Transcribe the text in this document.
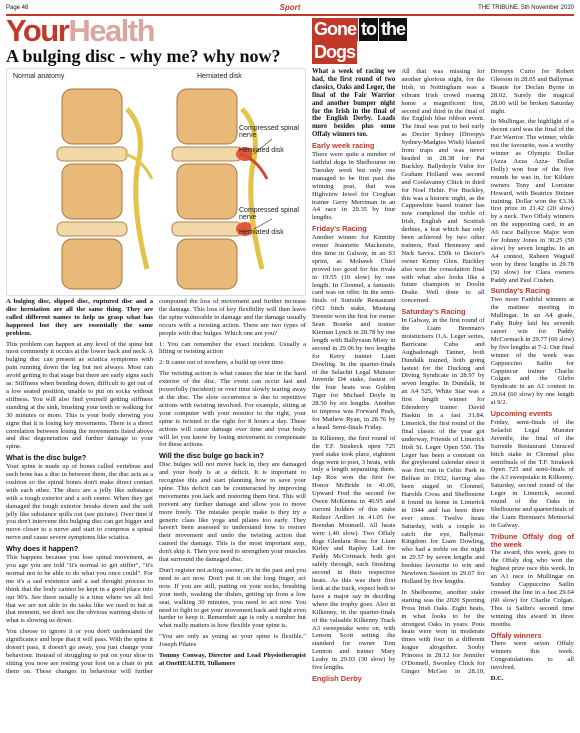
Page 48	Sport	THE TRIBUNE, 5th November 2020
YourHealth
A bulging disc - why me? why now?
Normal anatomy	Herniated disk
Compressed spinal nerve
Herniated disk
Compressed spinal nerve
Herniated disk

A bulging disc, slipped disc, ruptured disc and a disc herniation are all the same thing. They are called different names to help us grasp what has happened but they are essentially the same problem.

This problem can happen at any level of the spine but most commonly it occurs at the lower back and neck. A bulging disc can present as sciatica symptoms with pain running down the leg but not always. Most can avoid getting to that stage but there are early signs such as: Stiffness when bending down, difficult to get out of a low seated position, unable to put on socks without stiffness. You will also find yourself getting stiffness standing at the sink, brushing your teeth or walking for 30 minutes or more. This is your body showing you signs that it is losing key movements. There is a direct correlation between losing the movements listed above and disc degeneration and further damage to your spine.

What is the disc bulge?

Your spine is made up of bones called vertebrae and each bone has a disc in between them, the disc acts as a cushion so the spinal bones don't make direct contact with each other. The discs are a jelly like substance with a tough exterior and a soft centre. When they get damaged the tough exterior breaks down and the soft jelly like substance spills out (see picture). Over time if you don't intervene this bulging disc can get bigger and move closer to a nerve and start to compress a spinal nerve and cause severe symptoms like sciatica.

Why does it happen?

This happens because you lose spinal movement, as you age you are told "it's normal to get stiffer", "it's normal not to be able to do what you once could". For me it's a sad existence and a sad thought process to think that the body cannot be kept in a good place into our 90's. See there usually is a time where we all feel that we are not able to do tasks like we used to but at that moment, we don't see the obvious warning shots of what is slowing us down.

You choose to ignore it or you don't understand the significance and hope that it will pass. With the spine it doesn't pass, it doesn't go away, you just change your behaviour. Instead of struggling to put on your shoe in sitting you now are resting your foot on a chair to put them on. These changes in behaviour will further compound the loss of movement and further increase the damage. This loss of key flexibility will then leave the spine vulnerable to damage and the damage usually occurs with a twisting action. There are two types of people with disc bulges. Which one are you?

1: You can remember the exact incident. Usually a lifting or twisting action

2: It came out of nowhere, a build up over time.

The twisting action is what causes the tear in the hard exterior of the disc. The event can occur fast and powerfully (incident) or over time slowly tearing away at the disc. The slow occurrence is due to repetitive actions with twisting involved. For example, sitting at your computer with your monitor to the right, your spine is twisted to the right for 8 hours a day. These actions will cause damage over time and your body will let you know by losing movement to compensate for these actions.

Will the disc bulge go back in?

Disc bulges will not move back in, they are damaged and your body is at a deficit. It is important to recognise this and start planning how to save your spine. This deficit can be counteracted by improving movements you lack and restoring them first. This will prevent any further damage and allow you to move more freely. The mistake people make is they try a generic class like yoga and pilates too early. They haven't been assessed to understand how to restore their movement and undo the twisting action that caused the damage. This is the most important step, don't skip it. Then you need to strengthen your muscles that surround the damaged disc.

Don't register not acting sooner, it's in the past and you need to act now. Don't put it on the long finger, act now. If you are still, putting on your socks, brushing your teeth, washing the dishes, getting up from a low seat, walking 30 minutes, you need to act now. You need to fight to get your movement back and fight even harder to keep it. Remember age is only a number but what really matters is how flexible your spine is.

"You are only as young as your spine is flexible." Joseph Pilates

Tommy Conway, Director and Lead Physiotherapist at OneHEALTH, Tullamore

Gone to theDogs

What a week of racing we had, the first round of two classics, Oaks and Leger, the final of the Fair Warrior and another bumper night for the Irish in the final of the English Derby. Loads more besides plus some Offaly winners too.

Early week racing

There were quite a number of faithful dogs in Shelbourne on Tuesday week but only one managed to be first past the winning post, that was Highview Jewel for Croghan trainer Gerry Merriman in an A4 race in 29.35 by four lengths.

Friday's Racing

Another winner for Kinnitty owner Jeannette Mackenzie, this time in Galway, in an S3 sprint, as Mohawk Chief proved too good for his rivals in 19.55 (10 slow) by one length. In Clonmel, a fantastic card was on offer. In the semi-finals of Suirside Restaurant ON2 bitch stake, Mustang Sweetie won the first for owner Sean Bourke and trainer Kiernan Lynch in 28.78 by one length with Ballyvaun Misty in second in 29.06 by two lengths for Kerry trainer Liam Dowling. In the quarter-finals of the Selachii Legal Munster Juvenile D4 stake, fastest of the four heats was Golden Tiger for Michael Doyle in 28.50 by six lengths. Another to impress was Forward Push, for Mathew Ryan, in 28.76 by a head. Semi-finals Friday.

In Kilkenny, the first round of the T.F. Strakeck open 725 yard stake took place, eighteen dogs went to post, 3 heats, with only a length separating them. Jap Rox won the first for Honor McBride in 41.00, Upward Fred the second for Owen McKenna in 40.95 and current holders of this stake Redzer Ardfert in 41.05 for Brendan Mounsell. All heats were (.40 slow). Two Offaly dogs Glenlara Ross for Liam Kirley and Rapley Lad for Paddy McCormack both got safely through, each finishing second in their respective heats. As this was their first look at the track, expect both to have a major say in deciding where the trophy goes. Also in Kilkenny, in the quarter-finals of the valuable Kilkenny Track A3 sweepstake were on, with Lenson Scott setting the standard for owner Tom Lennon and trainer Mary Leahy in 29.03 (30 slow) by five lengths.

English Derby

All that was missing for another glorious night, for the Irish, in Nottingham was a vibrant Irish crowd roaring home a magnificent first, second and third in the final of the English blue ribbon event. The final was put to bed early as Decier Sydney (Droopys Sydney-Madgies Wish) blasted from traps and was never headed in 28.38 for Pat Buckley. Ballydoyle Vidor for Graham Holland was second and Coolavanny Chick in third for Noel Hehir. For Buckley, this was a historic night, as the Cappawhite based trainer has now completed the treble of Irish, English and Scottish derbies, a feat which has only been achieved by two other trainers, Paul Hennessy and Nick Savva. £50k to Decier's owner Kenny Glen. Buckley also won the consolation final with what also looks like a future champion in Doolin Drake. Well done to all concerned.

Saturday's Racing

In Galway, in the first round of the Liam Brennan's moisturisers O.A. Leger series, Barricane Cuba and Aughadonagh Tanner, both Dundalk trained, both going fastest for the Ducking and Diving Syndicate in 28.97 by seven lengths. In Dundalk, in an A4 525, White Star was a first length winner for Edenderry trainer David Haskin in a fast 31.84. Limerick, the first round of the final classic of the year got underway, Friends of Limerick Irish St. Leger Open 550. The Leger has been a constant on the greyhound calendar since it was first run in Celtic Park in Belfast in 1932, having also been staged in Clonmel, Harolds Cross and Shelbourne it found its home in Limerick in 1944 and has been there ever since. Twelve heats Saturday, with a couple to catch the eye, Ballymac Kingdom for Liam Dowling, who had a treble on the night in 29.57 by seven lengths and bookies favourite to win and Newtown Session in 29.67 for Holland by five lengths.

In Shelbourne, another stake starting was the 2020 Sporting Press Irish Oaks. Eight heats, in what looks to be the strongest Oaks in years. Pous heats were won in moderate times with four in a different league altogether. Sooby Princess in 28.12 for Jennifer O'Donnell, Swonley Chick for Ginger McGee in 28.10, Droopys Curio for Robert Gleeson in 28.05 and Ballymac Beanie for Declan Byrne in 28.02. Surely the magical 28.00 will be broken Saturday night.

In Mullingar, the highlight of a decent card was the final of the Fair Warrior. The winner, while not the favourite, was a worthy winner as Olympic Dollar (Azza Azza Azza- Dollar Dolly) won four of the five rounds he was in, for Kildare owners Tony and Lorraine Howard, with Beatrice Steiner training. Dollar won the €3.3k first prize in 21.42 (20 slow) by a neck. Two Offaly winners on the supporting card, in an A6 race Ballycoe Major won for Johnny Jones in 30.25 (50 slow) by seven lengths. In an A4 contest, Raheen Wagtail won by three lengths in 29.78 (50 slow) for Clara owners Paddy and Paul Cushen.

Sunday's Racing

Two more Faithful winners at the matinee meeting in Mullingar. In an A4 grade, Fahy Ruby laid his seventh career win for Paddy McCormack in 29.77 (60 slow) by five lengths at 7-2. Our final winner of the week was Cappuccino Sailin for Cappincur trainer Charlie Colgan and the Glebo Syndicate in an A1 contest in 29.64 (60 slow) by one length at 9/2.

Upcoming events

Friday, semi-finals of the Selachii Legal Munster Juvenile, the final of the Suirside Restaurant Unraced bitch stake in Clonmel plus semifinals of the T.F. Strakeck Open 725 and semi-finals of the A3 sweepstake in Kilkenny. Saturday, second round of the Leger in Limerick, second round of the Oaks in Shelbourne and quarterfinals of the Liam Brennan's Memorial in Galway.

Tribune Offaly dog of the week

The award, this week, goes to the Offaly dog who won the highest prize race this week. In an A1 race in Mullingar on Sunday Cappuccino Sailin crossed the line in a fast 29.64 (60 slow) for Charlie Colgan. This is Sailin's second time winning this award in three months.

Offaly winners

There were seven Offaly winners this week. Congratulations to all involved.

D.C.
